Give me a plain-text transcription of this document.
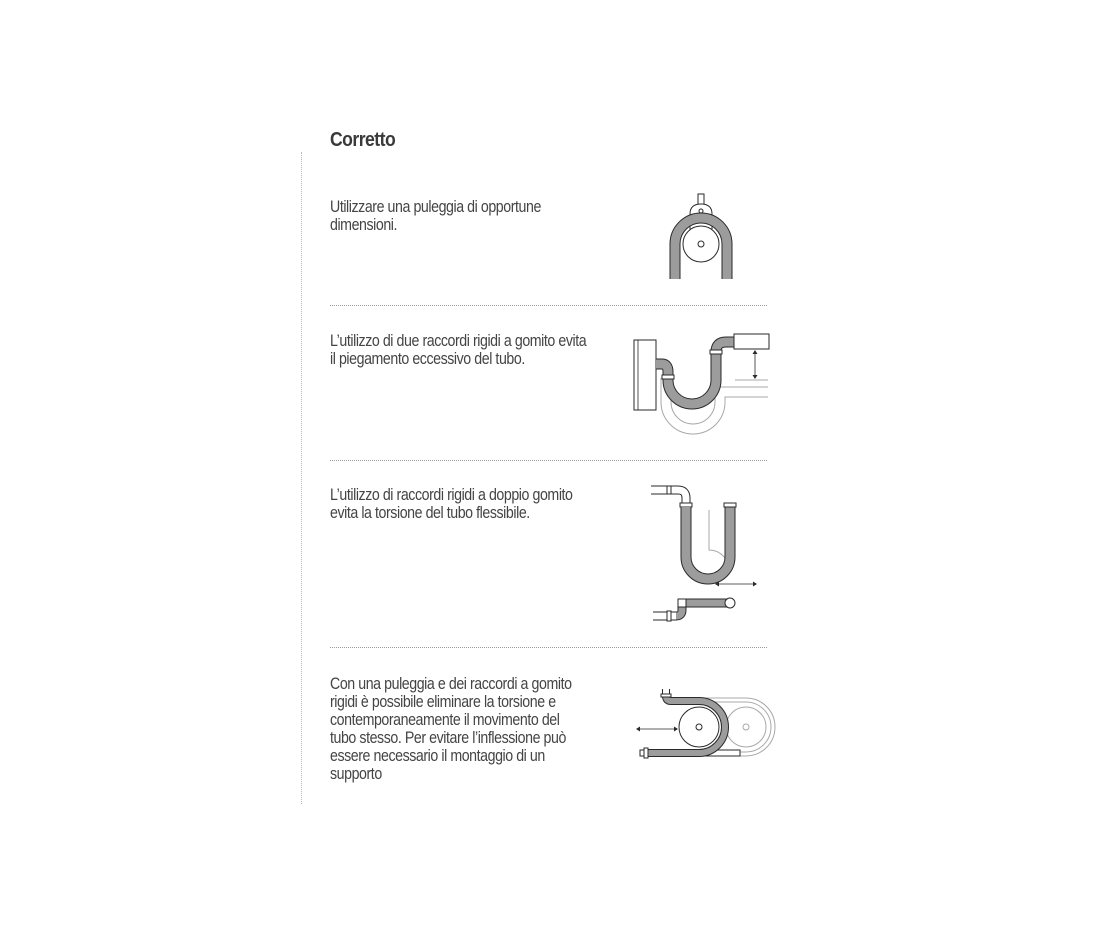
Corretto
Utilizzare una puleggia di opportune dimensioni.
L’utilizzo di due raccordi rigidi a gomito evita il piegamento eccessivo del tubo.
L’utilizzo di raccordi rigidi a doppio gomito evita la torsione del tubo flessibile.
Con una puleggia e dei raccordi a gomito rigidi è possibile eliminare la torsione e contemporaneamente il movimento del tubo stesso. Per evitare l’inflessione può essere necessario il montaggio di un supporto
